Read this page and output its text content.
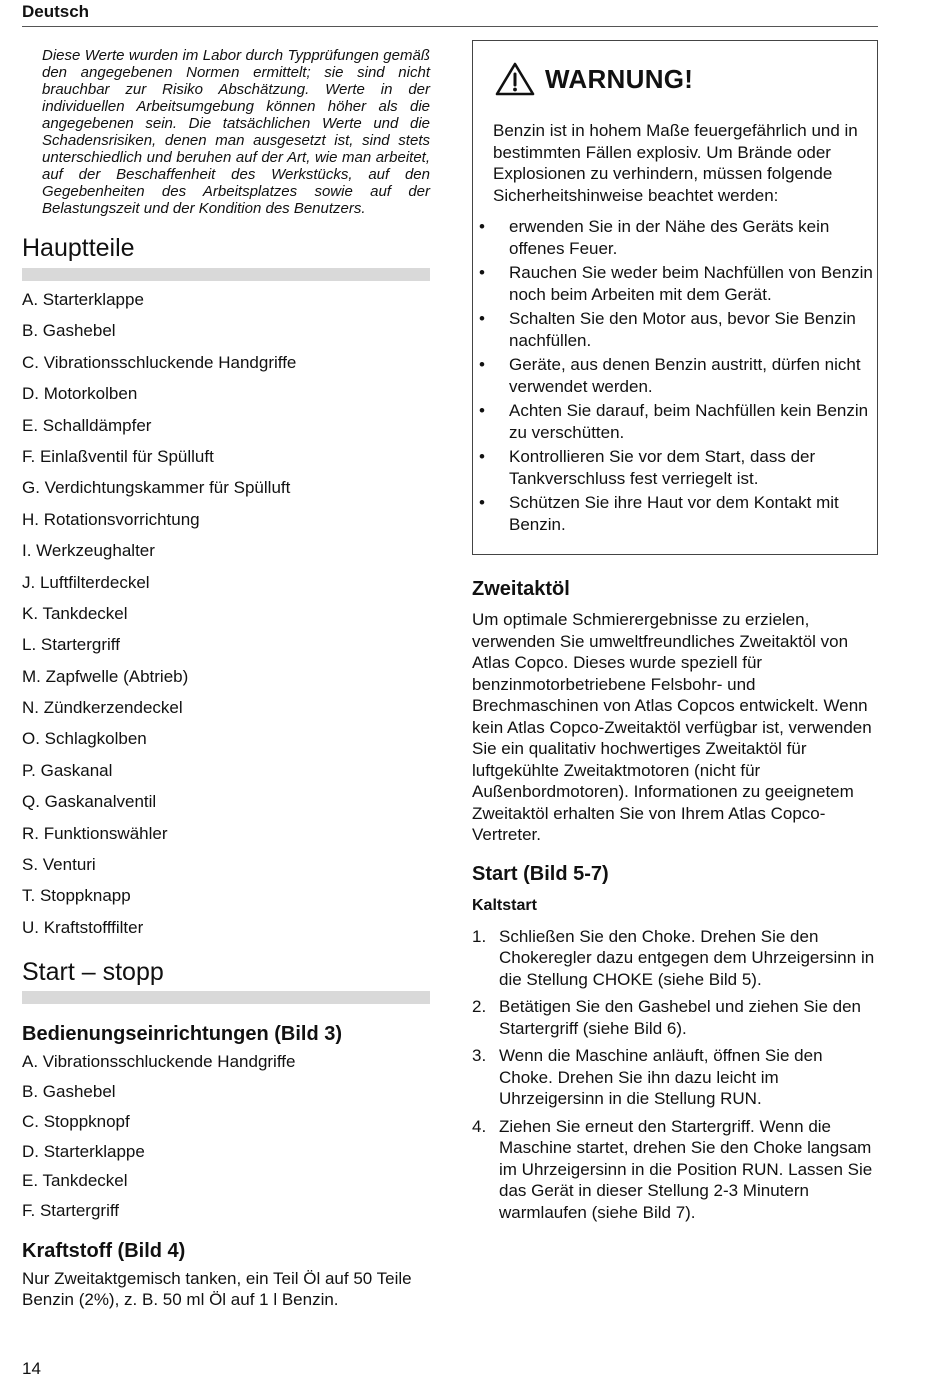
Deutsch

Diese Werte wurden im Labor durch Typprüfungen gemäß den angegebenen Normen ermittelt; sie sind nicht brauchbar zur Risiko Abschätzung. Werte in der individuellen Arbeitsumgebung können höher als die angegebenen sein. Die tatsächlichen Werte und die Schadensrisiken, denen man ausgesetzt ist, sind stets unterschiedlich und beruhen auf der Art, wie man arbeitet, auf der Beschaffenheit des Werkstücks, auf den Gegebenheiten des Arbeitsplatzes sowie auf der Belastungszeit und der Kondition des Benutzers.

Hauptteile
A. Starterklappe
B. Gashebel
C. Vibrationsschluckende Handgriffe
D. Motorkolben
E. Schalldämpfer
F. Einlaßventil für Spülluft
G. Verdichtungskammer für Spülluft
H. Rotationsvorrichtung
I. Werkzeughalter
J. Luftfilterdeckel
K. Tankdeckel
L. Startergriff
M. Zapfwelle (Abtrieb)
N. Zündkerzendeckel
O. Schlagkolben
P. Gaskanal
Q. Gaskanalventil
R. Funktionswähler
S. Venturi
T. Stoppknapp
U. Kraftstofffilter
Start – stopp
Bedienungseinrichtungen (Bild 3)
A. Vibrationsschluckende Handgriffe
B. Gashebel
C. Stoppknopf
D. Starterklappe
E. Tankdeckel
F. Startergriff
Kraftstoff (Bild 4)

Nur Zweitaktgemisch tanken, ein Teil Öl auf 50 Teile Benzin (2%), z. B. 50 ml Öl auf 1 l Benzin.

WARNUNG!
Benzin ist in hohem Maße feuergefährlich und in bestimmten Fällen explosiv. Um Brände oder Explosionen zu verhindern, müssen folgende Sicherheitshinweise beachtet werden:
• erwenden Sie in der Nähe des Geräts kein offenes Feuer.
• Rauchen Sie weder beim Nachfüllen von Benzin noch beim Arbeiten mit dem Gerät.
• Schalten Sie den Motor aus, bevor Sie Benzin nachfüllen.
• Geräte, aus denen Benzin austritt, dürfen nicht verwendet werden.
• Achten Sie darauf, beim Nachfüllen kein Benzin zu verschütten.
• Kontrollieren Sie vor dem Start, dass der Tankverschluss fest verriegelt ist.
• Schützen Sie ihre Haut vor dem Kontakt mit Benzin.
Zweitaktöl

Um optimale Schmierergebnisse zu erzielen, verwenden Sie umweltfreundliches Zweitaktöl von Atlas Copco. Dieses wurde speziell für benzinmotorbetriebene Felsbohr- und Brechmaschinen von Atlas Copcos entwickelt. Wenn kein Atlas Copco-Zweitaktöl verfügbar ist, verwenden Sie ein qualitativ hochwertiges Zweitaktöl für luftgekühlte Zweitaktmotoren (nicht für Außenbordmotoren). Informationen zu geeignetem Zweitaktöl erhalten Sie von Ihrem Atlas Copco-Vertreter.

Start (Bild 5-7)
Kaltstart
1. Schließen Sie den Choke. Drehen Sie den Chokeregler dazu entgegen dem Uhrzeigersinn in die Stellung CHOKE (siehe Bild 5).
2. Betätigen Sie den Gashebel und ziehen Sie den Startergriff (siehe Bild 6).
3. Wenn die Maschine anläuft, öffnen Sie den Choke. Drehen Sie ihn dazu leicht im Uhrzeigersinn in die Stellung RUN.
4. Ziehen Sie erneut den Startergriff. Wenn die Maschine startet, drehen Sie den Choke langsam im Uhrzeigersinn in die Position RUN. Lassen Sie das Gerät in dieser Stellung 2-3 Minutern warmlaufen (siehe Bild 7).
14
